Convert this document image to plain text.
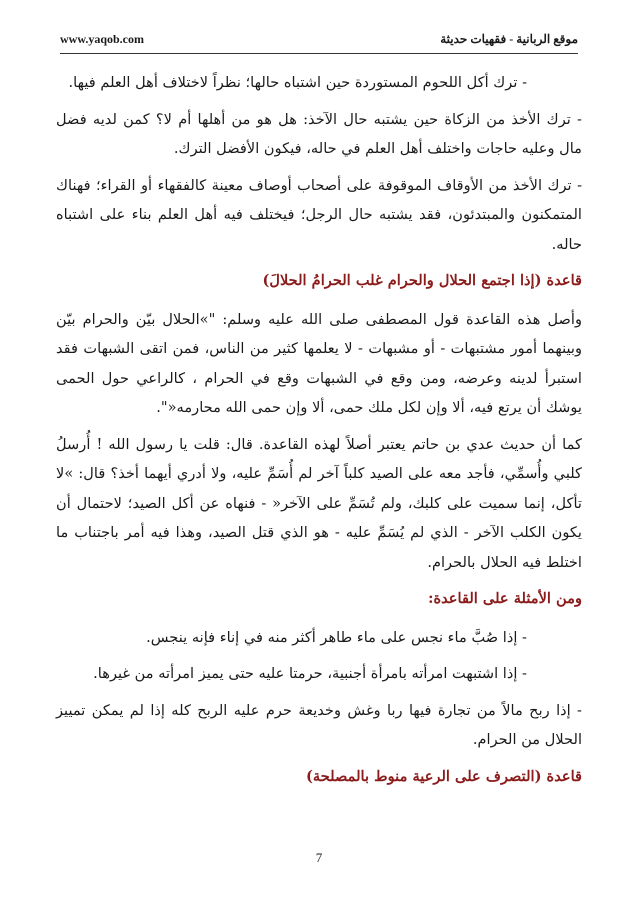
www.yaqob.com	موقع الربانية - فقهيات حديثة

- ترك أكل اللحوم المستوردة حين اشتباه حالها؛ نظراً لاختلاف أهل العلم فيها.

- ترك الأخذ من الزكاة حين يشتبه حال الآخذ: هل هو من أهلها أم لا؟ كمن لديه فضل مال وعليه حاجات واختلف أهل العلم في حاله، فيكون الأفضل الترك.

- ترك الأخذ من الأوقاف الموقوفة على أصحاب أوصاف معينة كالفقهاء أو القراء؛ فهناك المتمكنون والمبتدئون، فقد يشتبه حال الرجل؛ فيختلف فيه أهل العلم بناء على اشتباه حاله.

قاعدة (إذا اجتمع الحلال والحرام غلب الحرامُ الحلالَ)

وأصل هذه القاعدة قول المصطفى صلى الله عليه وسلم: "»الحلال بيّن والحرام بيّن وبينهما أمور مشتبهات - أو مشبهات - لا يعلمها كثير من الناس، فمن اتقى الشبهات فقد استبرأ لدينه وعرضه، ومن وقع في الشبهات وقع في الحرام ، كالراعي حول الحمى يوشك أن يرتع فيه، ألا وإن لكل ملك حمى، ألا وإن حمى الله محارمه«".

كما أن حديث عدي بن حاتم يعتبر أصلاً لهذه القاعدة. قال: قلت يا رسول الله ! أُرسلُ كلبي وأُسمِّي، فأجد معه على الصيد كلباً آخر لم أُسَمِّ عليه، ولا أدري أيهما أخذ؟ قال: »لا تأكل، إنما سميت على كلبك، ولم تُسَمِّ على الآخر« - فنهاه عن أكل الصيد؛ لاحتمال أن يكون الكلب الآخر - الذي لم يُسَمِّ عليه - هو الذي قتل الصيد، وهذا فيه أمر باجتناب ما اختلط فيه الحلال بالحرام.

ومن الأمثلة على القاعدة:

- إذا صُبَّ ماء نجس على ماء طاهر أكثر منه في إناء فإنه ينجس.

- إذا اشتبهت امرأته بامرأة أجنبية، حرمتا عليه حتى يميز امرأته من غيرها.

- إذا ربح مالاً من تجارة فيها ربا وغش وخديعة حرم عليه الربح كله إذا لم يمكن تمييز الحلال من الحرام.

قاعدة (التصرف على الرعية منوط بالمصلحة)

7
